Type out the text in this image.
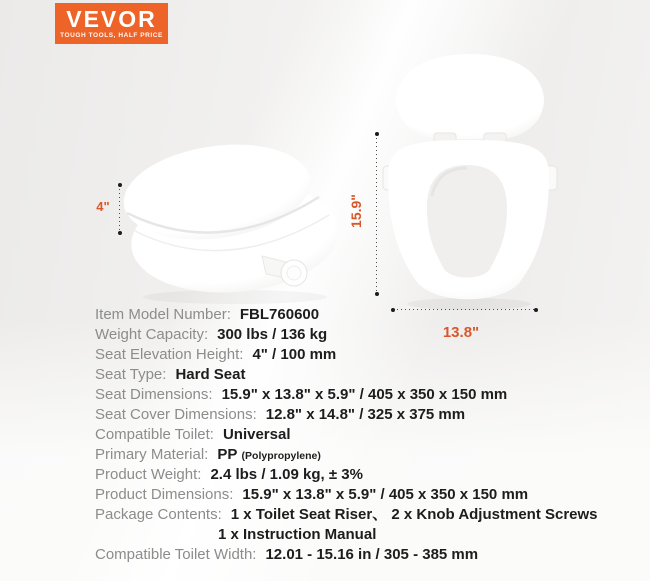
VEVOR
TOUGH TOOLS, HALF PRICE
4"	15.9"
13.8"
Item Model Number: FBL760600
Weight Capacity: 300 lbs / 136 kg
Seat Elevation Height: 4" / 100 mm
Seat Type: Hard Seat
Seat Dimensions: 15.9" x 13.8" x 5.9" / 405 x 350 x 150 mm
Seat Cover Dimensions: 12.8" x 14.8" / 325 x 375 mm
Compatible Toilet: Universal
Primary Material: PP (Polypropylene)
Product Weight: 2.4 lbs / 1.09 kg, ± 3%
Product Dimensions: 15.9" x 13.8" x 5.9" / 405 x 350 x 150 mm
Package Contents: 1 x Toilet Seat Riser、 2 x Knob Adjustment Screws
1 x Instruction Manual
Compatible Toilet Width: 12.01 - 15.16 in / 305 - 385 mm
